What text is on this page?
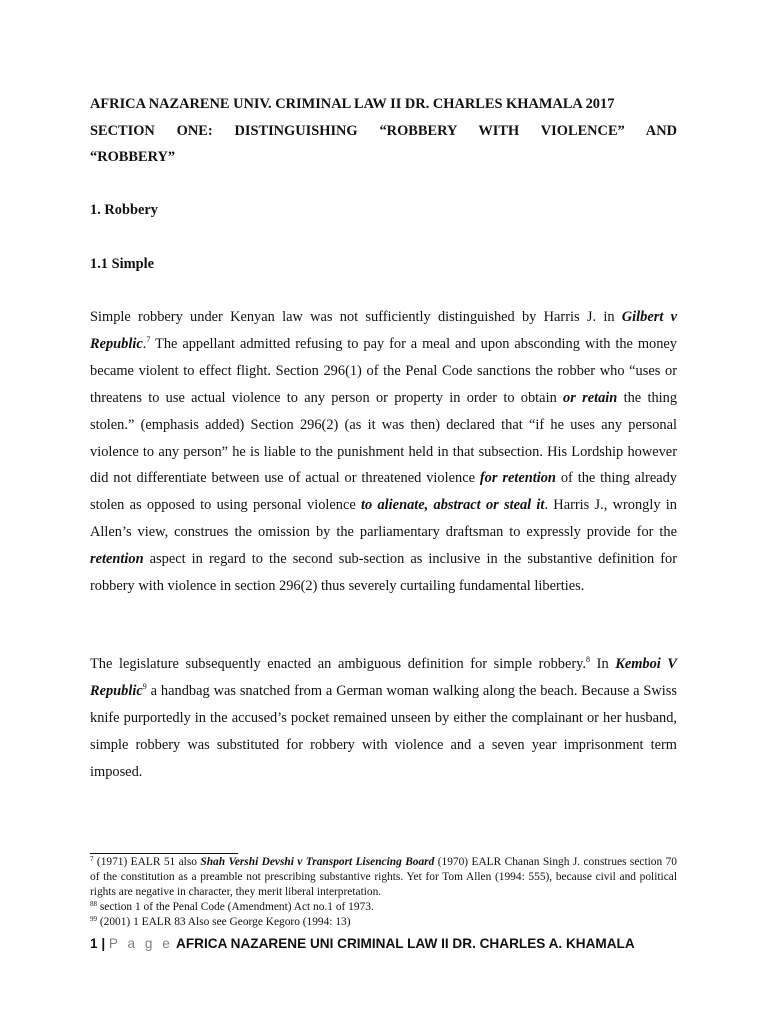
AFRICA NAZARENE UNIV. CRIMINAL LAW II DR. CHARLES KHAMALA 2017
SECTION ONE: DISTINGUISHING “ROBBERY WITH VIOLENCE” AND
“ROBBERY”
1. Robbery
1.1 Simple
Simple robbery under Kenyan law was not sufficiently distinguished by Harris J. in Gilbert v Republic.$^7$ The appellant admitted refusing to pay for a meal and upon absconding with the money became violent to effect flight. Section 296(1) of the Penal Code sanctions the robber who “uses or threatens to use actual violence to any person or property in order to obtain or retain the thing stolen.” (emphasis added) Section 296(2) (as it was then) declared that “if he uses any personal violence to any person” he is liable to the punishment held in that subsection. His Lordship however did not differentiate between use of actual or threatened violence for retention of the thing already stolen as opposed to using personal violence to alienate, abstract or steal it. Harris J., wrongly in Allen’s view, construes the omission by the parliamentary draftsman to expressly provide for the retention aspect in regard to the second sub-section as inclusive in the substantive definition for robbery with violence in section 296(2) thus severely curtailing fundamental liberties.
The legislature subsequently enacted an ambiguous definition for simple robbery.$^8$ In Kemboi V Republic$^9$ a handbag was snatched from a German woman walking along the beach. Because a Swiss knife purportedly in the accused’s pocket remained unseen by either the complainant or her husband, simple robbery was substituted for robbery with violence and a seven year imprisonment term imposed.
$^7$ (1971) EALR 51 also Shah Vershi Devshi v Transport Lisencing Board (1970) EALR Chanan Singh J. construes section 70 of the constitution as a preamble not prescribing substantive rights. Yet for Tom Allen (1994: 555), because civil and political rights are negative in character, they merit liberal interpretation.
$^{88}$ section 1 of the Penal Code (Amendment) Act no.1 of 1973.
$^{99}$ (2001) 1 EALR 83 Also see George Kegoro (1994: 13)
1 | P a g e AFRICA NAZARENE UNI CRIMINAL LAW II DR. CHARLES A. KHAMALA
